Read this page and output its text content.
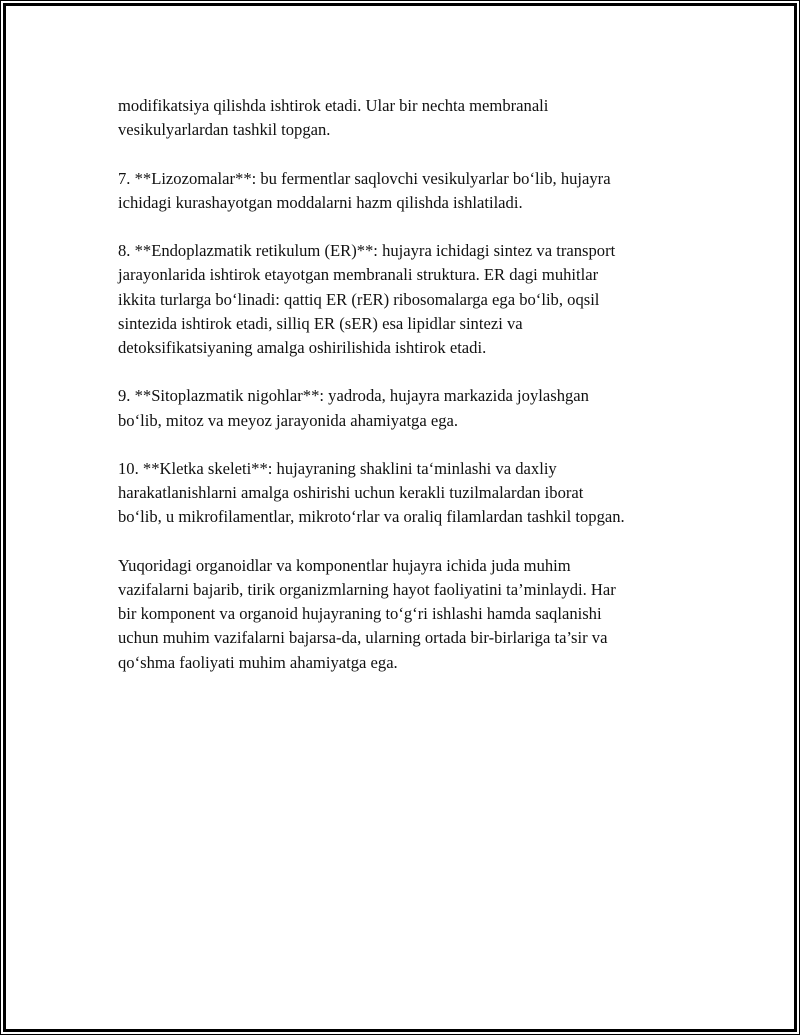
modifikatsiya qilishda ishtirok etadi. Ular bir nechta membranali
vesikulyarlardan tashkil topgan.

7. **Lizozomalar**: bu fermentlar saqlovchi vesikulyarlar bo‘lib, hujayra
ichidagi kurashayotgan moddalarni hazm qilishda ishlatiladi.

8. **Endoplazmatik retikulum (ER)**: hujayra ichidagi sintez va transport
jarayonlarida ishtirok etayotgan membranali struktura. ER dagi muhitlar
ikkita turlarga bo‘linadi: qattiq ER (rER) ribosomalarga ega bo‘lib, oqsil
sintezida ishtirok etadi, silliq ER (sER) esa lipidlar sintezi va
detoksifikatsiyaning amalga oshirilishida ishtirok etadi.

9. **Sitoplazmatik nigohlar**: yadroda, hujayra markazida joylashgan
bo‘lib, mitoz va meyoz jarayonida ahamiyatga ega.

10. **Kletka skeleti**: hujayraning shaklini ta‘minlashi va daxliy
harakatlanishlarni amalga oshirishi uchun kerakli tuzilmalardan iborat
bo‘lib, u mikrofilamentlar, mikroto‘rlar va oraliq filamlardan tashkil topgan.

Yuqoridagi organoidlar va komponentlar hujayra ichida juda muhim
vazifalarni bajarib, tirik organizmlarning hayot faoliyatini ta’minlaydi. Har
bir komponent va organoid hujayraning to‘g‘ri ishlashi hamda saqlanishi
uchun muhim vazifalarni bajarsa-da, ularning ortada bir-birlariga ta’sir va
qo‘shma faoliyati muhim ahamiyatga ega.
